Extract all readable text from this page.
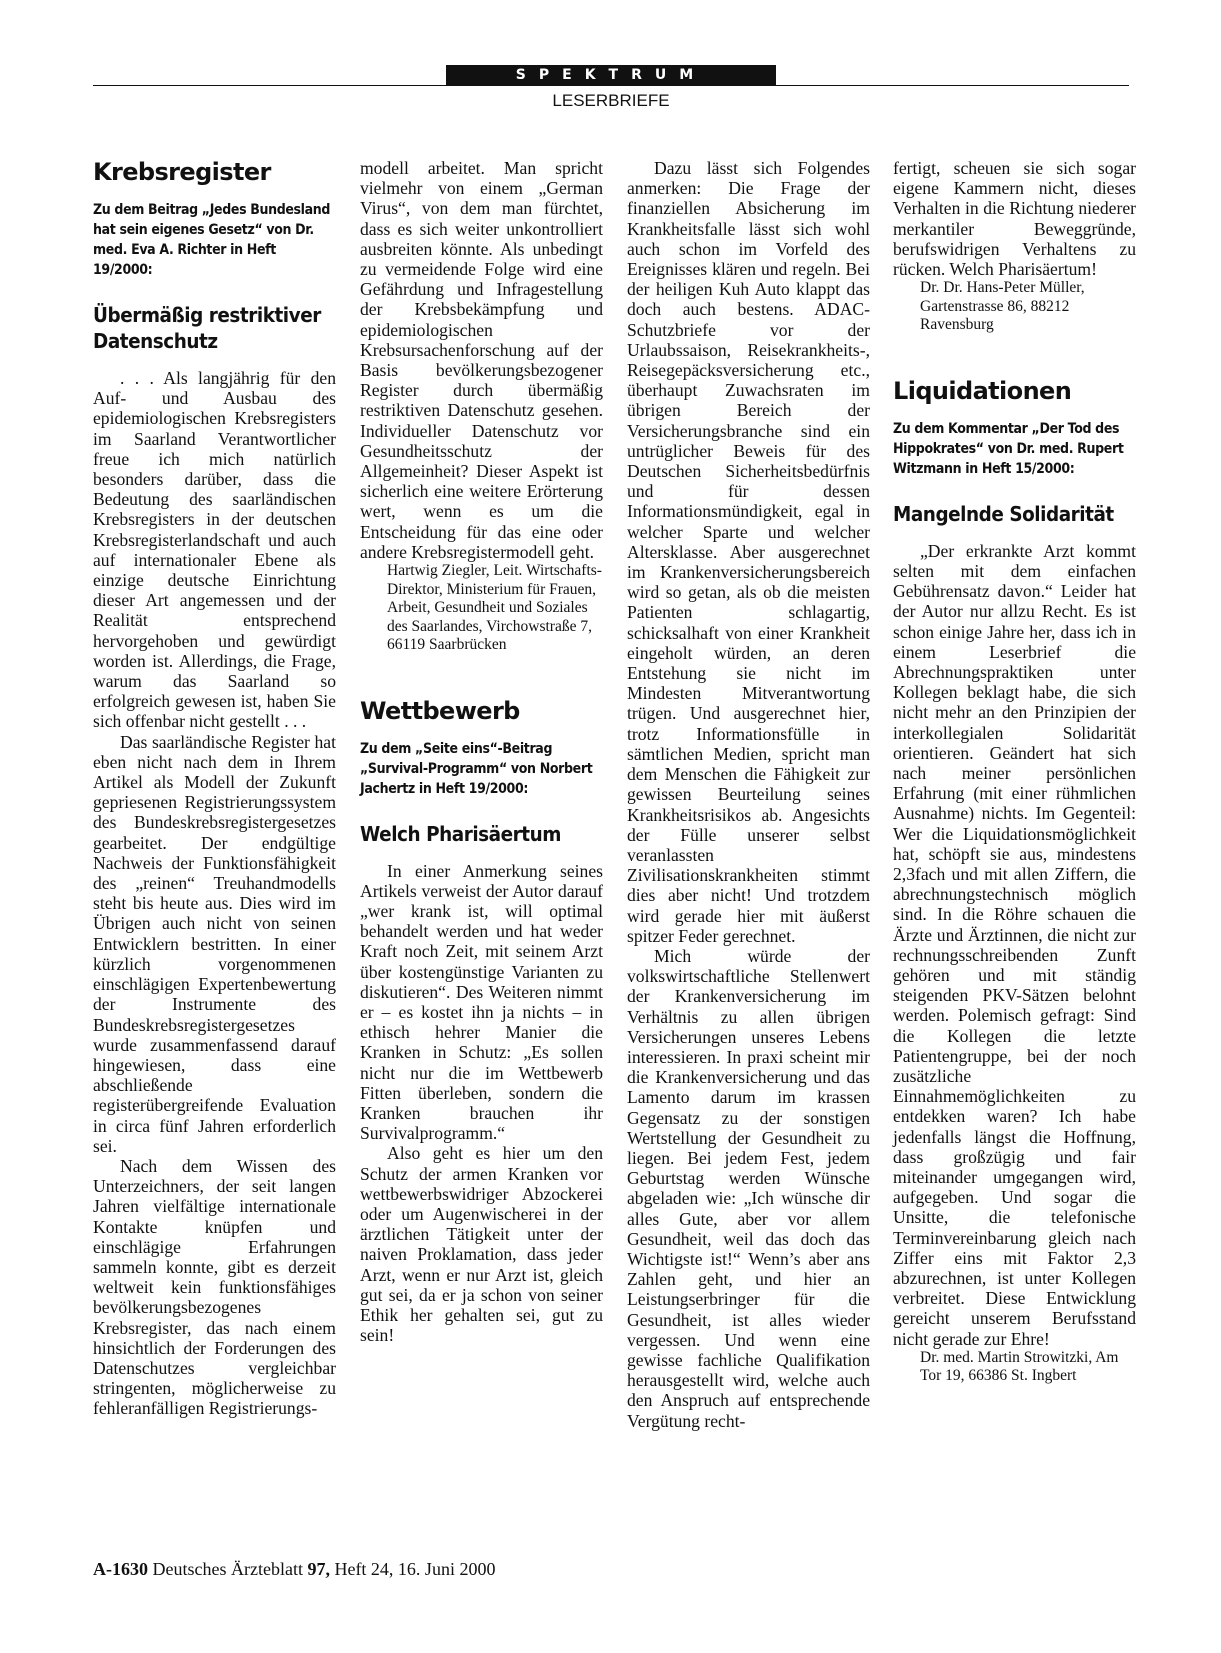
SPEKTRUM
LESERBRIEFE
Krebsregister
Zu dem Beitrag „Jedes Bundesland hat sein eigenes Gesetz“ von Dr. med. Eva A. Richter in Heft 19/2000:
Übermäßig restriktiver Datenschutz

. . . Als langjährig für den Auf- und Ausbau des epidemiologischen Krebsregisters im Saarland Verantwortlicher freue ich mich natürlich besonders darüber, dass die Bedeutung des saarländischen Krebsregisters in der deutschen Krebsregisterlandschaft und auch auf internationaler Ebene als einzige deutsche Einrichtung dieser Art angemessen und der Realität entsprechend hervorgehoben und gewürdigt worden ist. Allerdings, die Frage, warum das Saarland so erfolgreich gewesen ist, haben Sie sich offenbar nicht gestellt . . .

Das saarländische Register hat eben nicht nach dem in Ihrem Artikel als Modell der Zukunft gepriesenen Registrierungssystem des Bundeskrebsregistergesetzes gearbeitet. Der endgültige Nachweis der Funktionsfähigkeit des „reinen“ Treuhandmodells steht bis heute aus. Dies wird im Übrigen auch nicht von seinen Entwicklern bestritten. In einer kürzlich vorgenommenen einschlägigen Expertenbewertung der Instrumente des Bundeskrebsregistergesetzes wurde zusammenfassend darauf hingewiesen, dass eine abschließende registerübergreifende Evaluation in circa fünf Jahren erforderlich sei.

Nach dem Wissen des Unterzeichners, der seit langen Jahren vielfältige internationale Kontakte knüpfen und einschlägige Erfahrungen sammeln konnte, gibt es derzeit weltweit kein funktionsfähiges bevölkerungsbezogenes Krebsregister, das nach einem hinsichtlich der Forderungen des Datenschutzes vergleichbar stringenten, möglicherweise zu fehleranfälligen Registrierungs-

modell arbeitet. Man spricht vielmehr von einem „German Virus“, von dem man fürchtet, dass es sich weiter unkontrolliert ausbreiten könnte. Als unbedingt zu vermeidende Folge wird eine Gefährdung und Infragestellung der Krebsbekämpfung und epidemiologischen Krebsursachenforschung auf der Basis bevölkerungsbezogener Register durch übermäßig restriktiven Datenschutz gesehen. Individueller Datenschutz vor Gesundheitsschutz der Allgemeinheit? Dieser Aspekt ist sicherlich eine weitere Erörterung wert, wenn es um die Entscheidung für das eine oder andere Krebsregistermodell geht.

Hartwig Ziegler, Leit. Wirtschafts-Direktor, Ministerium für Frauen, Arbeit, Gesundheit und Soziales des Saarlandes, Virchowstraße 7, 66119 Saarbrücken

Wettbewerb
Zu dem „Seite eins“-Beitrag „Survival-Programm“ von Norbert Jachertz in Heft 19/2000:
Welch Pharisäertum

In einer Anmerkung seines Artikels verweist der Autor darauf „wer krank ist, will optimal behandelt werden und hat weder Kraft noch Zeit, mit seinem Arzt über kostengünstige Varianten zu diskutieren“. Des Weiteren nimmt er – es kostet ihn ja nichts – in ethisch hehrer Manier die Kranken in Schutz: „Es sollen nicht nur die im Wettbewerb Fitten überleben, sondern die Kranken brauchen ihr Survivalprogramm.“

Also geht es hier um den Schutz der armen Kranken vor wettbewerbswidriger Abzockerei oder um Augenwischerei in der ärztlichen Tätigkeit unter der naiven Proklamation, dass jeder Arzt, wenn er nur Arzt ist, gleich gut sei, da er ja schon von seiner Ethik her gehalten sei, gut zu sein!

Dazu lässt sich Folgendes anmerken: Die Frage der finanziellen Absicherung im Krankheitsfalle lässt sich wohl auch schon im Vorfeld des Ereignisses klären und regeln. Bei der heiligen Kuh Auto klappt das doch auch bestens. ADAC-Schutzbriefe vor der Urlaubssaison, Reisekrankheits-, Reisegepäcksversicherung etc., überhaupt Zuwachsraten im übrigen Bereich der Versicherungsbranche sind ein untrüglicher Beweis für des Deutschen Sicherheitsbedürfnis und für dessen Informationsmündigkeit, egal in welcher Sparte und welcher Altersklasse. Aber ausgerechnet im Krankenversicherungsbereich wird so getan, als ob die meisten Patienten schlagartig, schicksalhaft von einer Krankheit eingeholt würden, an deren Entstehung sie nicht im Mindesten Mitverantwortung trügen. Und ausgerechnet hier, trotz Informationsfülle in sämtlichen Medien, spricht man dem Menschen die Fähigkeit zur gewissen Beurteilung seines Krankheitsrisikos ab. Angesichts der Fülle unserer selbst veranlassten Zivilisationskrankheiten stimmt dies aber nicht! Und trotzdem wird gerade hier mit äußerst spitzer Feder gerechnet.

Mich würde der volkswirtschaftliche Stellenwert der Krankenversicherung im Verhältnis zu allen übrigen Versicherungen unseres Lebens interessieren. In praxi scheint mir die Krankenversicherung und das Lamento darum im krassen Gegensatz zu der sonstigen Wertstellung der Gesundheit zu liegen. Bei jedem Fest, jedem Geburtstag werden Wünsche abgeladen wie: „Ich wünsche dir alles Gute, aber vor allem Gesundheit, weil das doch das Wichtigste ist!“ Wenn’s aber ans Zahlen geht, und hier an Leistungserbringer für die Gesundheit, ist alles wieder vergessen. Und wenn eine gewisse fachliche Qualifikation herausgestellt wird, welche auch den Anspruch auf entsprechende Vergütung recht-

fertigt, scheuen sie sich sogar eigene Kammern nicht, dieses Verhalten in die Richtung niederer merkantiler Beweggründe, berufswidrigen Verhaltens zu rücken. Welch Pharisäertum!

Dr. Dr. Hans-Peter Müller, Gartenstrasse 86, 88212 Ravensburg

Liquidationen
Zu dem Kommentar „Der Tod des Hippokrates“ von Dr. med. Rupert Witzmann in Heft 15/2000:
Mangelnde Solidarität

„Der erkrankte Arzt kommt selten mit dem einfachen Gebührensatz davon.“ Leider hat der Autor nur allzu Recht. Es ist schon einige Jahre her, dass ich in einem Leserbrief die Abrechnungspraktiken unter Kollegen beklagt habe, die sich nicht mehr an den Prinzipien der interkollegialen Solidarität orientieren. Geändert hat sich nach meiner persönlichen Erfahrung (mit einer rühmlichen Ausnahme) nichts. Im Gegenteil: Wer die Liquidationsmöglichkeit hat, schöpft sie aus, mindestens 2,3fach und mit allen Ziffern, die abrechnungstechnisch möglich sind. In die Röhre schauen die Ärzte und Ärztinnen, die nicht zur rechnungsschreibenden Zunft gehören und mit ständig steigenden PKV-Sätzen belohnt werden. Polemisch gefragt: Sind die Kollegen die letzte Patientengruppe, bei der noch zusätzliche Einnahmemöglichkeiten zu entdekken waren? Ich habe jedenfalls längst die Hoffnung, dass großzügig und fair miteinander umgegangen wird, aufgegeben. Und sogar die Unsitte, die telefonische Terminvereinbarung gleich nach Ziffer eins mit Faktor 2,3 abzurechnen, ist unter Kollegen verbreitet. Diese Entwicklung gereicht unserem Berufsstand nicht gerade zur Ehre!

Dr. med. Martin Strowitzki, Am Tor 19, 66386 St. Ingbert

A-1630 Deutsches Ärzteblatt 97, Heft 24, 16. Juni 2000
